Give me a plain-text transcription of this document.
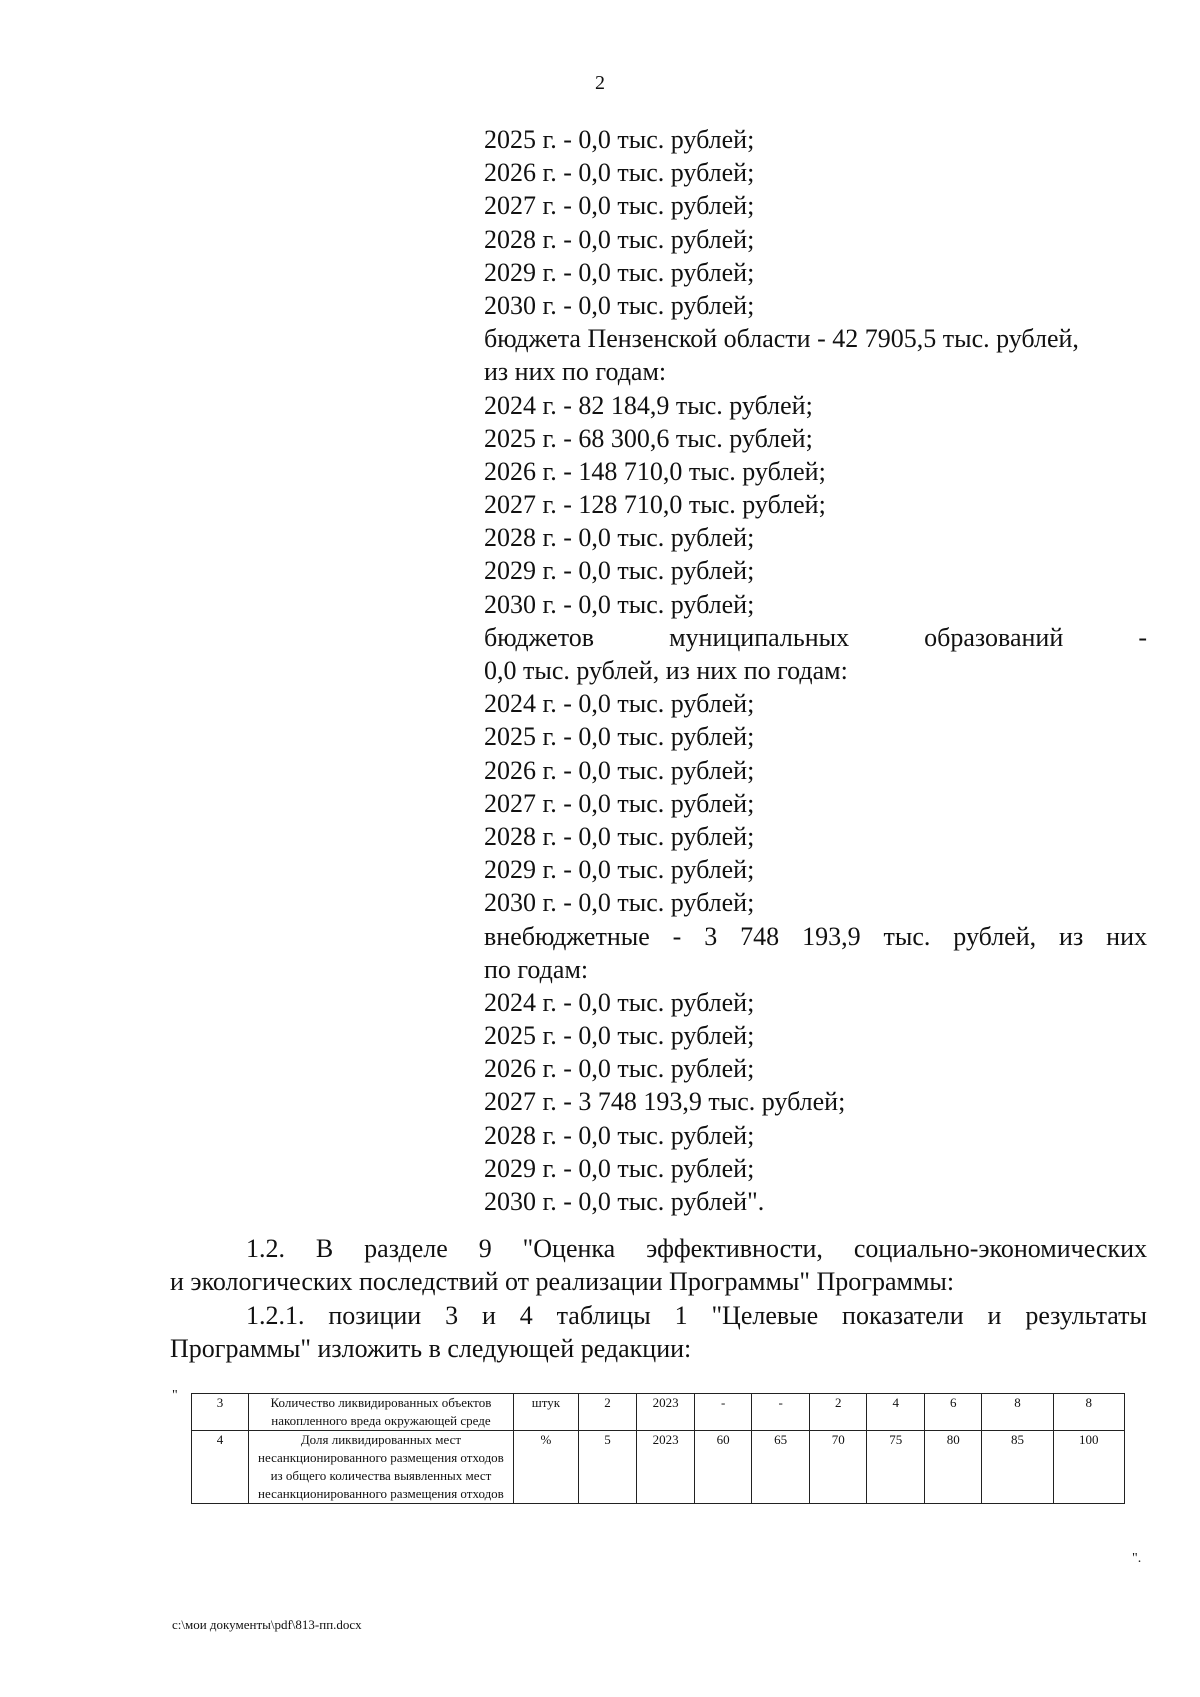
2
2025 г. - 0,0 тыс. рублей;
2026 г. - 0,0 тыс. рублей;
2027 г. - 0,0 тыс. рублей;
2028 г. - 0,0 тыс. рублей;
2029 г. - 0,0 тыс. рублей;
2030 г. - 0,0 тыс. рублей;
бюджета Пензенской области - 42 7905,5 тыс. рублей,
из них по годам:
2024 г. - 82 184,9 тыс. рублей;
2025 г. - 68 300,6 тыс. рублей;
2026 г. - 148 710,0 тыс. рублей;
2027 г. - 128 710,0 тыс. рублей;
2028 г. - 0,0 тыс. рублей;
2029 г. - 0,0 тыс. рублей;
2030 г. - 0,0 тыс. рублей;
бюджетов муниципальных образований -
0,0 тыс. рублей, из них по годам:
2024 г. - 0,0 тыс. рублей;
2025 г. - 0,0 тыс. рублей;
2026 г. - 0,0 тыс. рублей;
2027 г. - 0,0 тыс. рублей;
2028 г. - 0,0 тыс. рублей;
2029 г. - 0,0 тыс. рублей;
2030 г. - 0,0 тыс. рублей;
внебюджетные - 3 748 193,9 тыс. рублей, из них
по годам:
2024 г. - 0,0 тыс. рублей;
2025 г. - 0,0 тыс. рублей;
2026 г. - 0,0 тыс. рублей;
2027 г. - 3 748 193,9 тыс. рублей;
2028 г. - 0,0 тыс. рублей;
2029 г. - 0,0 тыс. рублей;
2030 г. - 0,0 тыс. рублей".
1.2. В разделе 9 "Оценка эффективности, социально-экономических
и экологических последствий от реализации Программы" Программы:
1.2.1. позиции 3 и 4 таблицы 1 "Целевые показатели и результаты
Программы" изложить в следующей редакции:
"	3	Количество ликвидированных объектов накопленного вреда окружающей среде	штук	2	2023	-	-	2	4	6	8	8
4	Доля ликвидированных мест несанкционированного размещения отходов из общего количества выявленных мест несанкционированного размещения отходов	%	5	2023	60	65	70	75	80	85	100
".
c:\мои документы\pdf\813-пп.docx
